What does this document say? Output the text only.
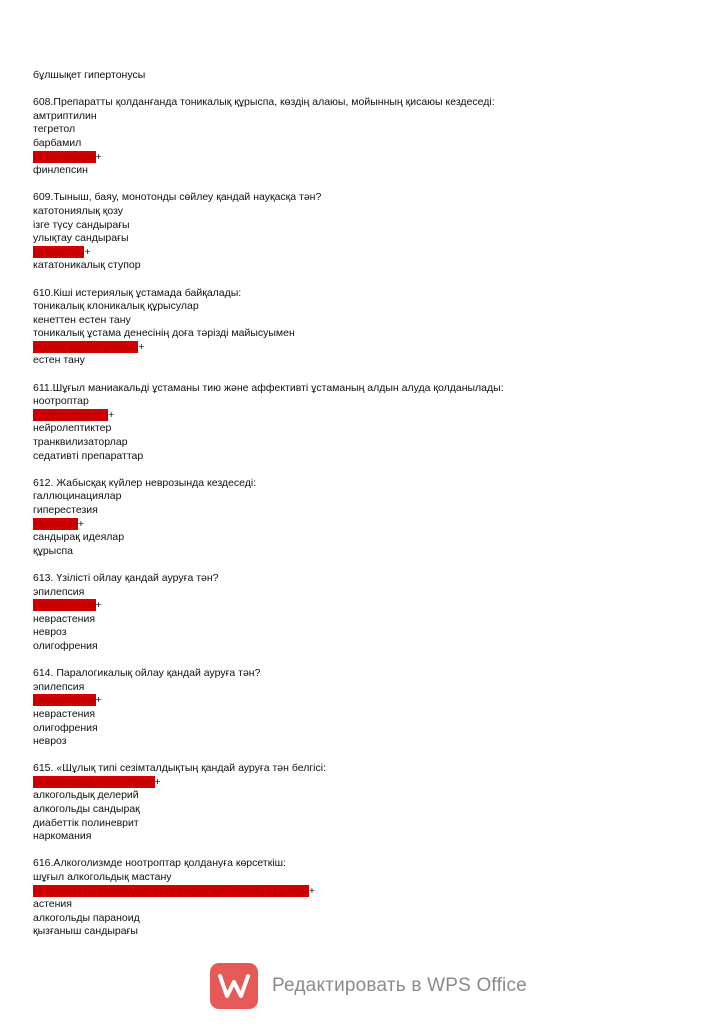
бұлшықет гипертонусы
608.Препаратты қолданғанда тоникалық құрыспа, көздің алаюы, мойынның қисаюы кездеседі:
амтриптилин
тегретол
барбамил
галоперидол+
финлепсин
609.Тыныш, баяу, монотонды сөйлеу қандай науқасқа тән?
катотониялық қозу
ізге түсу сандырағы
улықтау сандырағы
депрессия+
кататоникалық ступор
610.Кіші истериялық ұстамада байқалады:
тоникалық клоникалық құрысулар
кенеттен естен тану
тоникалық ұстама денесінің доға тәрізді майысуымен
жылау, күлуге ұласуы+
естен тану
611.Шұғыл маниакальді ұстаманы тию және аффективті ұстаманың алдын алуда қолданылады:
ноотроптар
нормотимиктер+
нейролептиктер
транквилизаторлар
седативті препараттар
612. Жабысқақ күйлер неврозында кездеседі:
галлюцинациялар
гиперестезия
обсессия+
сандырақ идеялар
құрыспа
613. Үзілісті ойлау қандай ауруға тән?
эпилепсия
шизофрения+
неврастения
невроз
олигофрения
614. Паралогикалық ойлау қандай ауруға тән?
эпилепсия
шизофрения+
неврастения
олигофрения
невроз
615. «Шұлық типі сезімталдықтың қандай ауруға тән белгісі:
алкогольдық полиневрит+
алкогольдық делерий
алкогольды сандырақ
диабеттік полиневрит
наркомания
616.Алкоголизмде ноотроптар қолдануға көрсеткіш:
шұғыл алкогольдық мастану
интеллекттің төмендеуі, есте сақтау қабілетінің бұзылуы+
астения
алкогольды параноид
қызғаныш сандырағы
Редактировать в WPS Office
